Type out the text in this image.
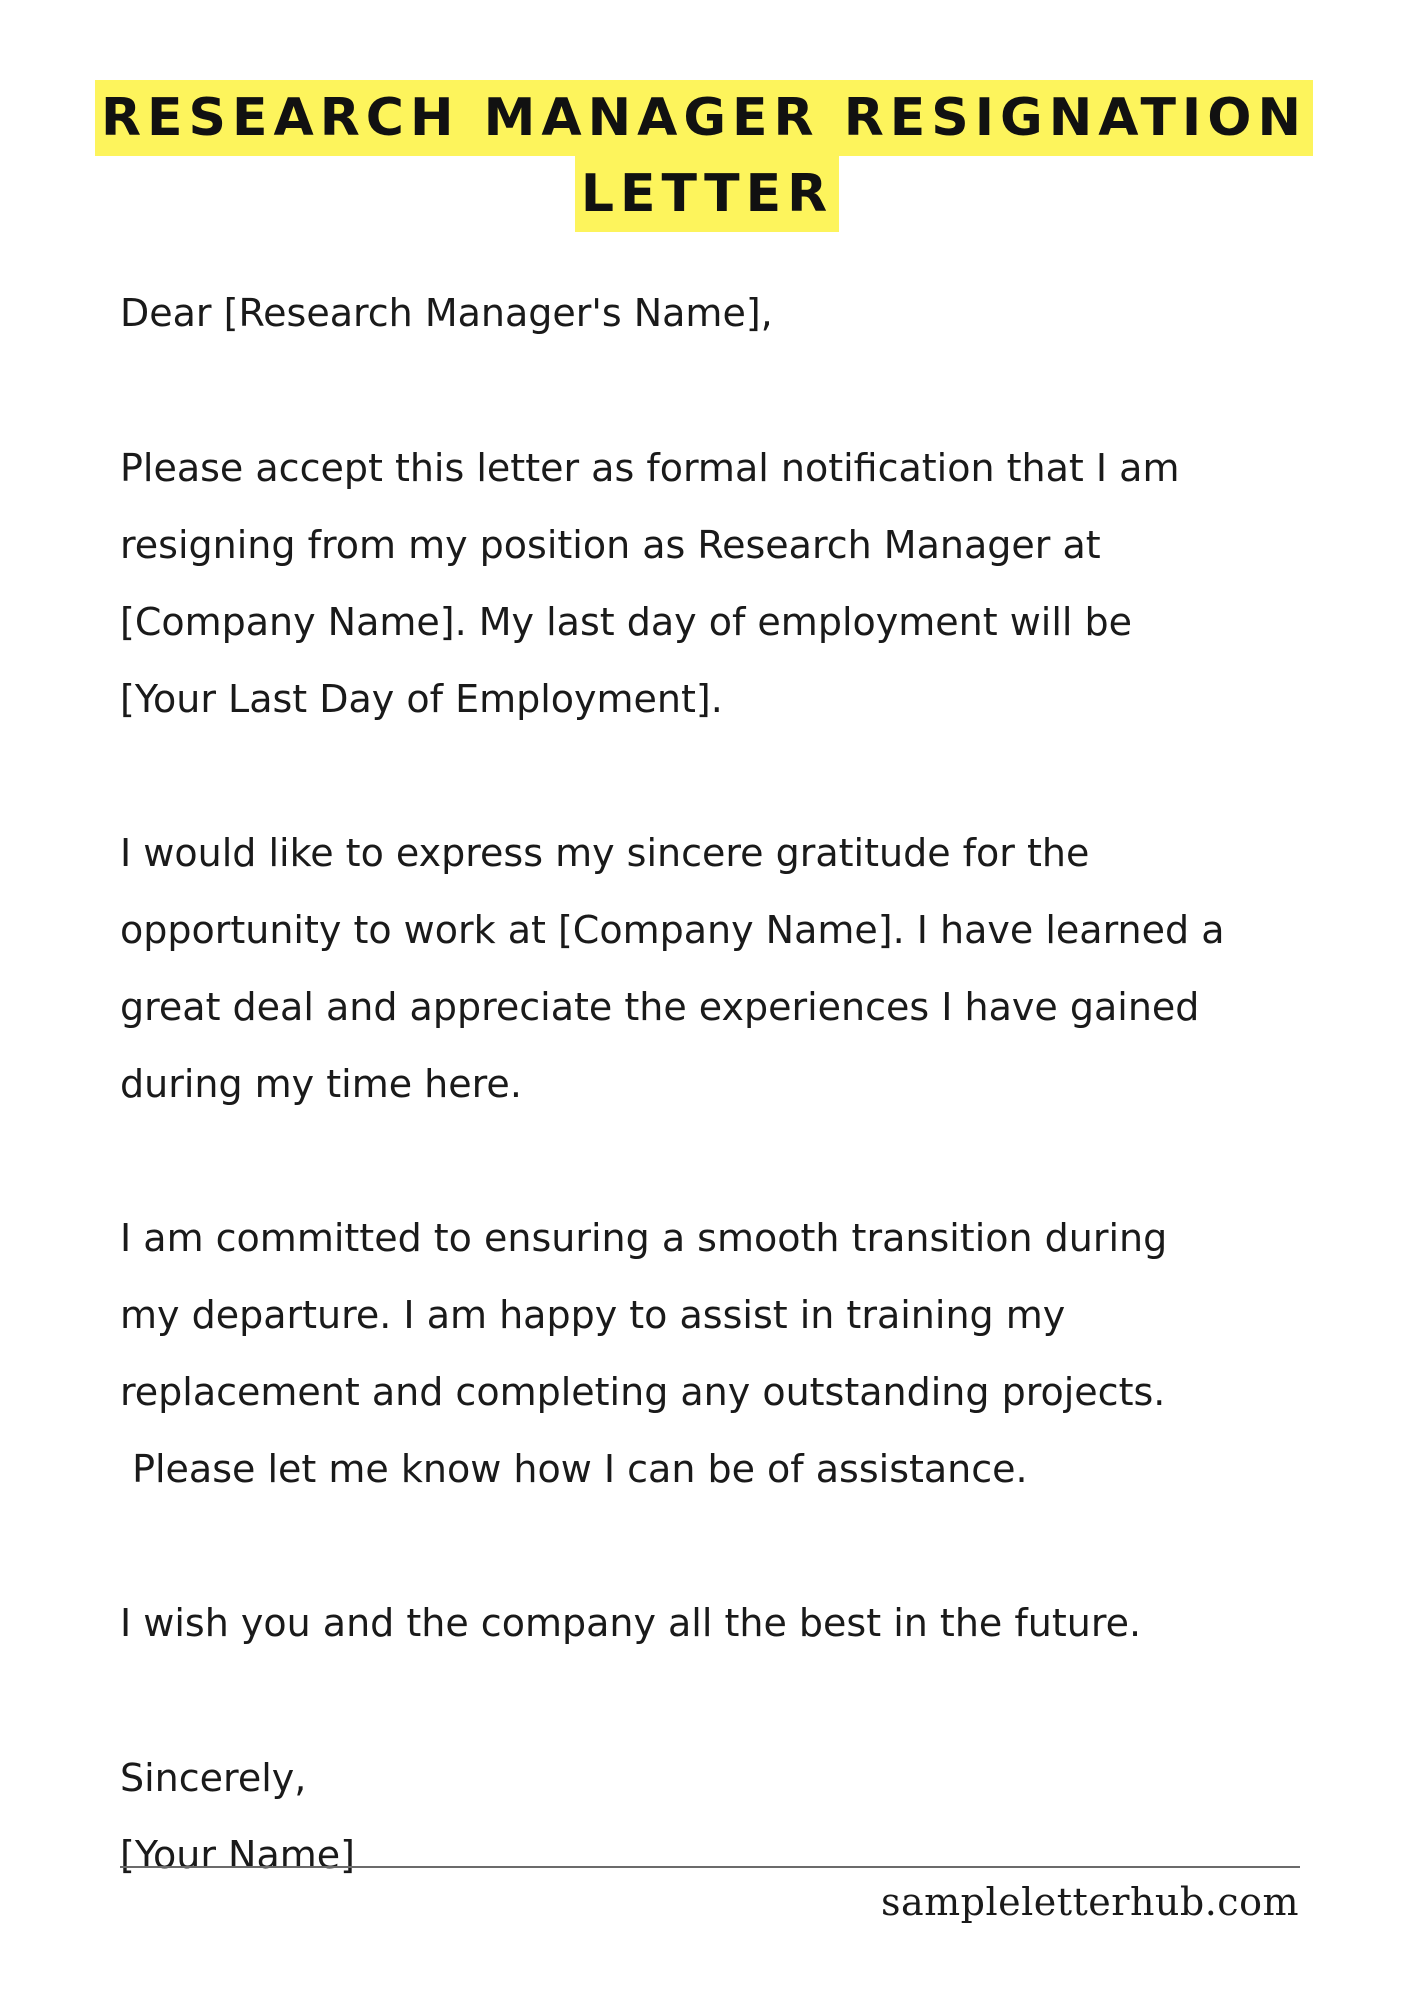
RESEARCH MANAGER RESIGNATION
LETTER
Dear [Research Manager's Name],
Please accept this letter as formal notification that I am
resigning from my position as Research Manager at
[Company Name]. My last day of employment will be
[Your Last Day of Employment].
I would like to express my sincere gratitude for the
opportunity to work at [Company Name]. I have learned a
great deal and appreciate the experiences I have gained
during my time here.
I am committed to ensuring a smooth transition during
my departure. I am happy to assist in training my
replacement and completing any outstanding projects.
Please let me know how I can be of assistance.
I wish you and the company all the best in the future.
Sincerely,
[Your Name]
sampleletterhub.com
